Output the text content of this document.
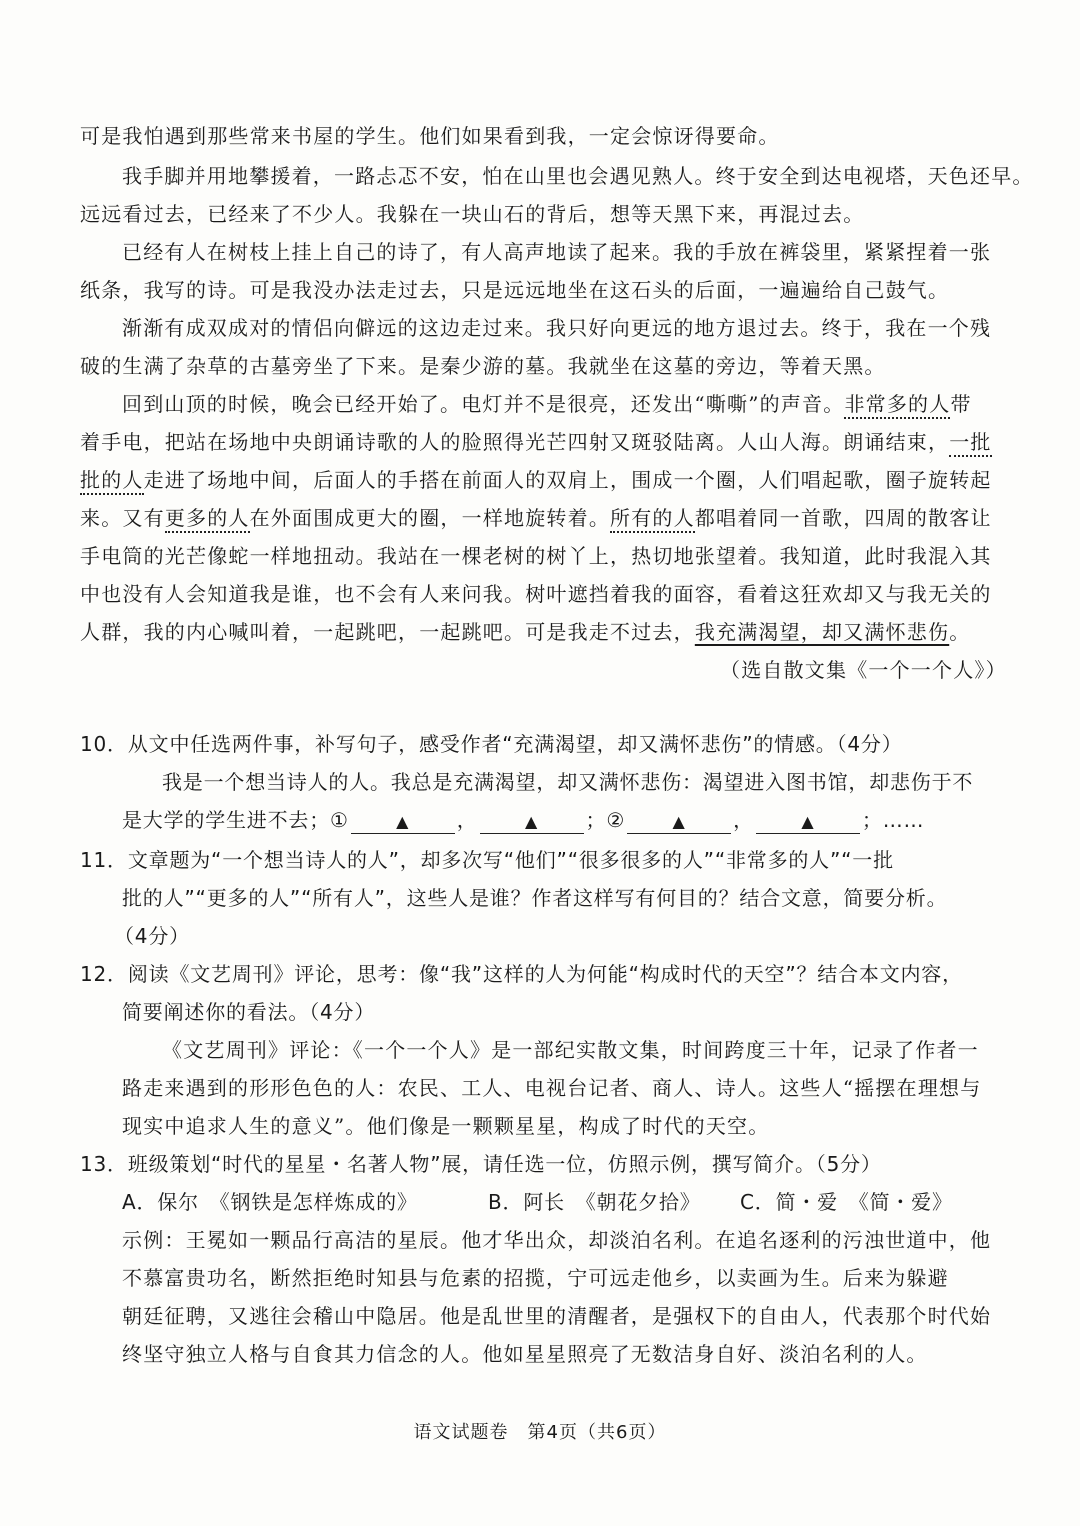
可是我怕遇到那些常来书屋的学生。他们如果看到我，一定会惊讶得要命。
我手脚并用地攀援着，一路忐忑不安，怕在山里也会遇见熟人。终于安全到达电视塔，天色还早。
远远看过去，已经来了不少人。我躲在一块山石的背后，想等天黑下来，再混过去。
已经有人在树枝上挂上自己的诗了，有人高声地读了起来。我的手放在裤袋里，紧紧捏着一张
纸条，我写的诗。可是我没办法走过去，只是远远地坐在这石头的后面，一遍遍给自己鼓气。
渐渐有成双成对的情侣向僻远的这边走过来。我只好向更远的地方退过去。终于，我在一个残
破的生满了杂草的古墓旁坐了下来。是秦少游的墓。我就坐在这墓的旁边，等着天黑。
回到山顶的时候，晚会已经开始了。电灯并不是很亮，还发出“嘶嘶”的声音。非常多的人带
着手电，把站在场地中央朗诵诗歌的人的脸照得光芒四射又斑驳陆离。人山人海。朗诵结束，一批
批的人走进了场地中间，后面人的手搭在前面人的双肩上，围成一个圈，人们唱起歌，圈子旋转起
来。又有更多的人在外面围成更大的圈，一样地旋转着。所有的人都唱着同一首歌，四周的散客让
手电筒的光芒像蛇一样地扭动。我站在一棵老树的树丫上，热切地张望着。我知道，此时我混入其
中也没有人会知道我是谁，也不会有人来问我。树叶遮挡着我的面容，看着这狂欢却又与我无关的
人群，我的内心喊叫着，一起跳吧，一起跳吧。可是我走不过去，我充满渴望，却又满怀悲伤。
（选自散文集《一个一个人》）
10．从文中任选两件事，补写句子，感受作者“充满渴望，却又满怀悲伤”的情感。（4分）
我是一个想当诗人的人。我总是充满渴望，却又满怀悲伤：渴望进入图书馆，却悲伤于不
是大学的学生进不去；①	▲ ，	▲ ；②	▲ ，	▲ ；……
11．文章题为“一个想当诗人的人”，却多次写“他们”“很多很多的人”“非常多的人”“一批
批的人”“更多的人”“所有人”，这些人是谁？作者这样写有何目的？结合文意，简要分析。
（4分）
12．阅读《文艺周刊》评论，思考：像“我”这样的人为何能“构成时代的天空”？结合本文内容，
简要阐述你的看法。（4分）
《文艺周刊》评论：《一个一个人》是一部纪实散文集，时间跨度三十年，记录了作者一
路走来遇到的形形色色的人：农民、工人、电视台记者、商人、诗人。这些人“摇摆在理想与
现实中追求人生的意义”。他们像是一颗颗星星，构成了时代的天空。
13．班级策划“时代的星星・名著人物”展，请任选一位，仿照示例，撰写简介。（5分）
A．保尔　《钢铁是怎样炼成的》	B．阿长　《朝花夕拾》 C．简・爱　《简・爱》
示例：王冕如一颗品行高洁的星辰。他才华出众，却淡泊名利。在追名逐利的污浊世道中，他
不慕富贵功名，断然拒绝时知县与危素的招揽，宁可远走他乡，以卖画为生。后来为躲避
朝廷征聘，又逃往会稽山中隐居。他是乱世里的清醒者，是强权下的自由人，代表那个时代始
终坚守独立人格与自食其力信念的人。他如星星照亮了无数洁身自好、淡泊名利的人。
语文试题卷　第4页（共6页）
